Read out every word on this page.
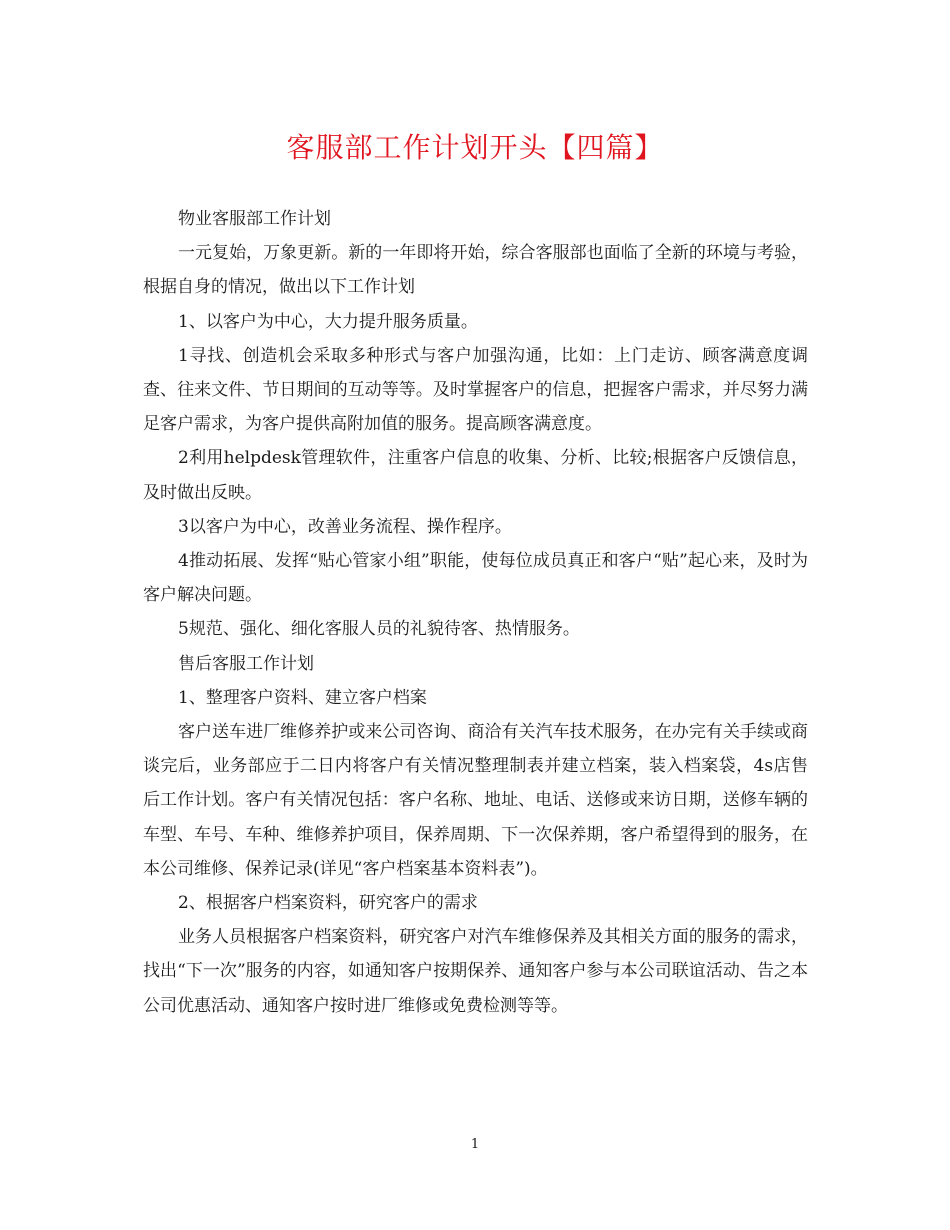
客服部工作计划开头【四篇】

物业客服部工作计划

一元复始，万象更新。新的一年即将开始，综合客服部也面临了全新的环境与考验，根据自身的情况，做出以下工作计划

1、以客户为中心，大力提升服务质量。

1寻找、创造机会采取多种形式与客户加强沟通，比如：上门走访、顾客满意度调查、往来文件、节日期间的互动等等。及时掌握客户的信息，把握客户需求，并尽努力满足客户需求，为客户提供高附加值的服务。提高顾客满意度。

2利用helpdesk管理软件，注重客户信息的收集、分析、比较;根据客户反馈信息，及时做出反映。

3以客户为中心，改善业务流程、操作程序。

4推动拓展、发挥“贴心管家小组”职能，使每位成员真正和客户“贴”起心来，及时为客户解决问题。

5规范、强化、细化客服人员的礼貌待客、热情服务。

售后客服工作计划

1、整理客户资料、建立客户档案

客户送车进厂维修养护或来公司咨询、商洽有关汽车技术服务，在办完有关手续或商谈完后，业务部应于二日内将客户有关情况整理制表并建立档案，装入档案袋，4s店售后工作计划。客户有关情况包括：客户名称、地址、电话、送修或来访日期，送修车辆的车型、车号、车种、维修养护项目，保养周期、下一次保养期，客户希望得到的服务，在本公司维修、保养记录(详见“客户档案基本资料表”)。

2、根据客户档案资料，研究客户的需求

业务人员根据客户档案资料，研究客户对汽车维修保养及其相关方面的服务的需求，找出“下一次”服务的内容，如通知客户按期保养、通知客户参与本公司联谊活动、告之本公司优惠活动、通知客户按时进厂维修或免费检测等等。

1
